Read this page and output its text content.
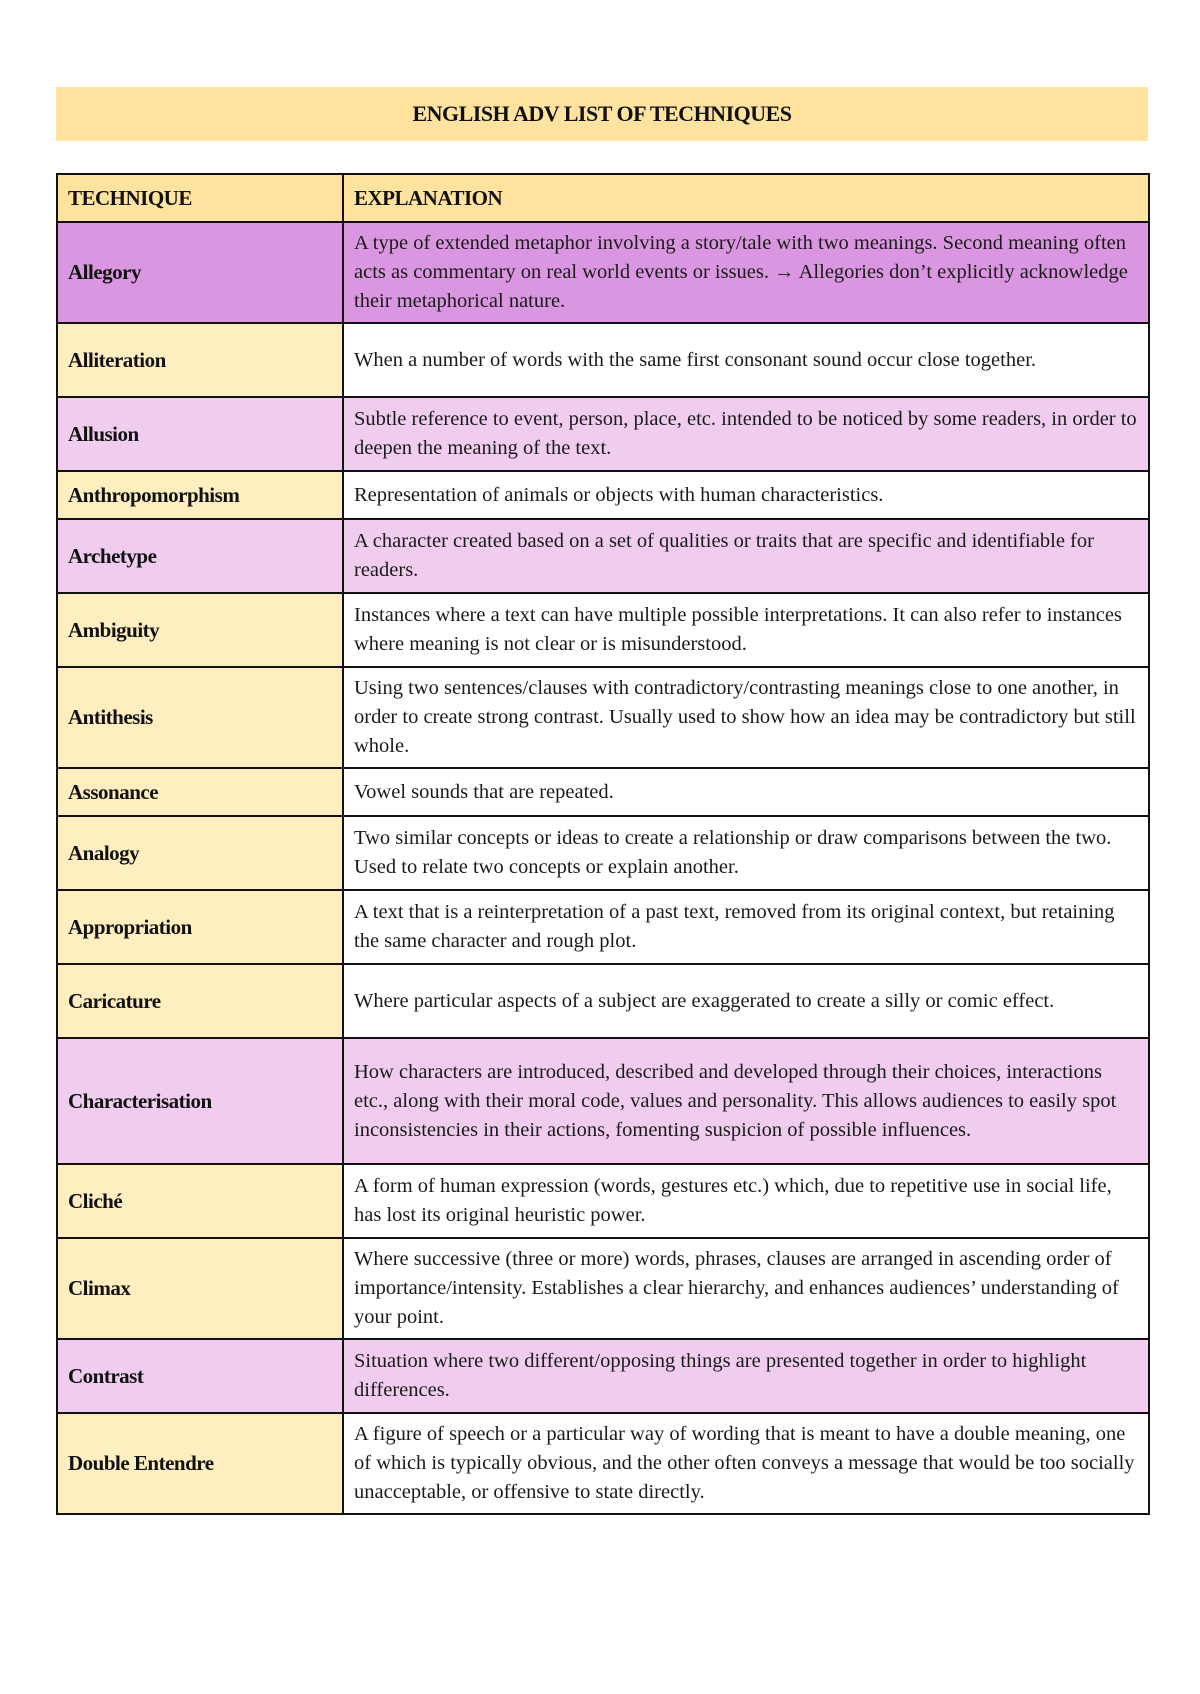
ENGLISH ADV LIST OF TECHNIQUES
TECHNIQUE	EXPLANATION
Allegory	A type of extended metaphor involving a story/tale with two meanings. Second meaning often acts as commentary on real world events or issues. → Allegories don’t explicitly acknowledge their metaphorical nature.
Alliteration	When a number of words with the same first consonant sound occur close together.
Allusion	Subtle reference to event, person, place, etc. intended to be noticed by some readers, in order to deepen the meaning of the text.
Anthropomorphism	Representation of animals or objects with human characteristics.
Archetype	A character created based on a set of qualities or traits that are specific and identifiable for readers.
Ambiguity	Instances where a text can have multiple possible interpretations. It can also refer to instances where meaning is not clear or is misunderstood.
Antithesis	Using two sentences/clauses with contradictory/contrasting meanings close to one another, in order to create strong contrast. Usually used to show how an idea may be contradictory but still whole.
Assonance	Vowel sounds that are repeated.
Analogy	Two similar concepts or ideas to create a relationship or draw comparisons between the two. Used to relate two concepts or explain another.
Appropriation	A text that is a reinterpretation of a past text, removed from its original context, but retaining the same character and rough plot.
Caricature	Where particular aspects of a subject are exaggerated to create a silly or comic effect.
Characterisation	How characters are introduced, described and developed through their choices, interactions etc., along with their moral code, values and personality. This allows audiences to easily spot inconsistencies in their actions, fomenting suspicion of possible influences.
Cliché	A form of human expression (words, gestures etc.) which, due to repetitive use in social life, has lost its original heuristic power.
Climax	Where successive (three or more) words, phrases, clauses are arranged in ascending order of importance/intensity. Establishes a clear hierarchy, and enhances audiences’ understanding of your point.
Contrast	Situation where two different/opposing things are presented together in order to highlight differences.
Double Entendre	A figure of speech or a particular way of wording that is meant to have a double meaning, one of which is typically obvious, and the other often conveys a message that would be too socially unacceptable, or offensive to state directly.
